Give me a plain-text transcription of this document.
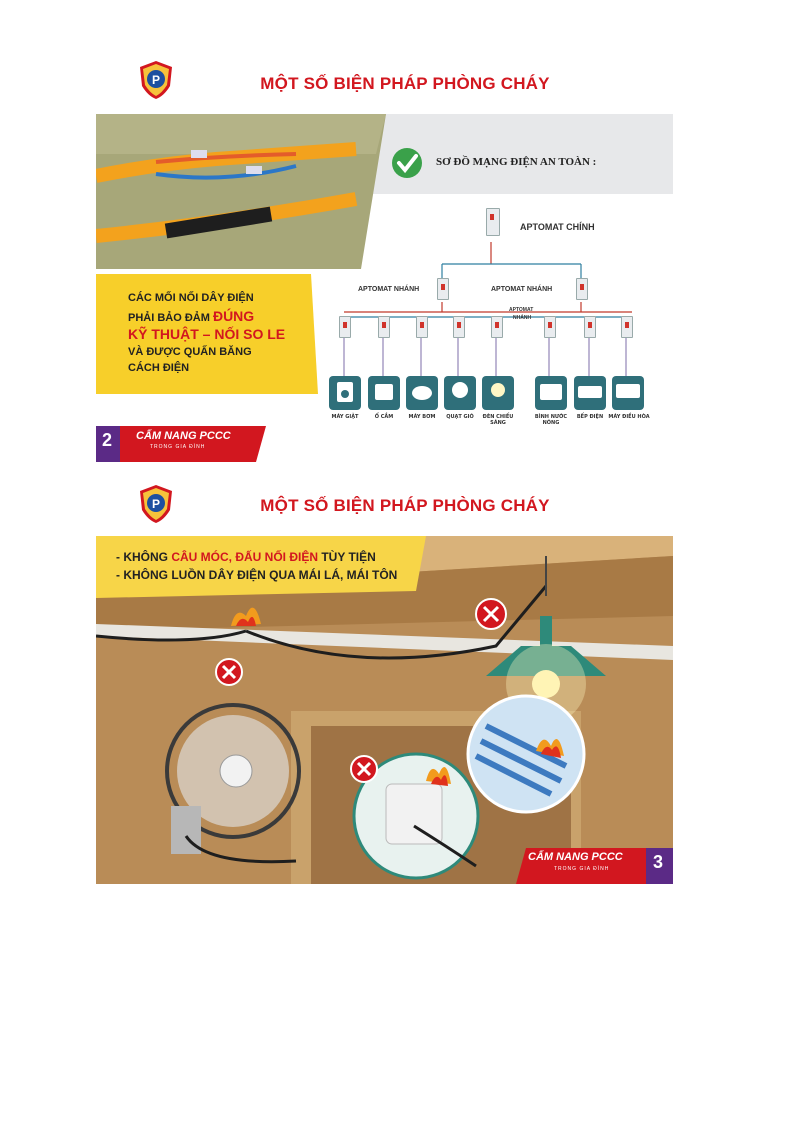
P	MỘT SỐ BIỆN PHÁP PHÒNG CHÁY
SƠ ĐỒ MẠNG ĐIỆN AN TOÀN :
APTOMAT CHÍNH
APTOMAT NHÁNH	APTOMAT NHÁNH
APTOMAT
NHÁNH
CÁC MỐI NỐI DÂY ĐIỆN
PHẢI BẢO ĐẢM ĐÚNG
KỸ THUẬT – NỐI SO LE
VÀ ĐƯỢC QUẤN BĂNG
CÁCH ĐIỆN
MÁY GIẶT	Ổ CẮM	MÁY BƠM	QUẠT GIÓ	ĐÈN CHIẾU SÁNG
BÌNH NƯỚC NÓNG
BẾP ĐIỆN	MÁY ĐIỀU HÒA
2 CẨM NANG PCCC
TRONG GIA ĐÌNH
P	MỘT SỐ BIỆN PHÁP PHÒNG CHÁY
- KHÔNG CÂU MÓC, ĐẤU NỐI ĐIỆN TÙY TIỆN
- KHÔNG LUỒN DÂY ĐIỆN QUA MÁI LÁ, MÁI TÔN
CẨM NANG PCCC
TRONG GIA ĐÌNH 3
